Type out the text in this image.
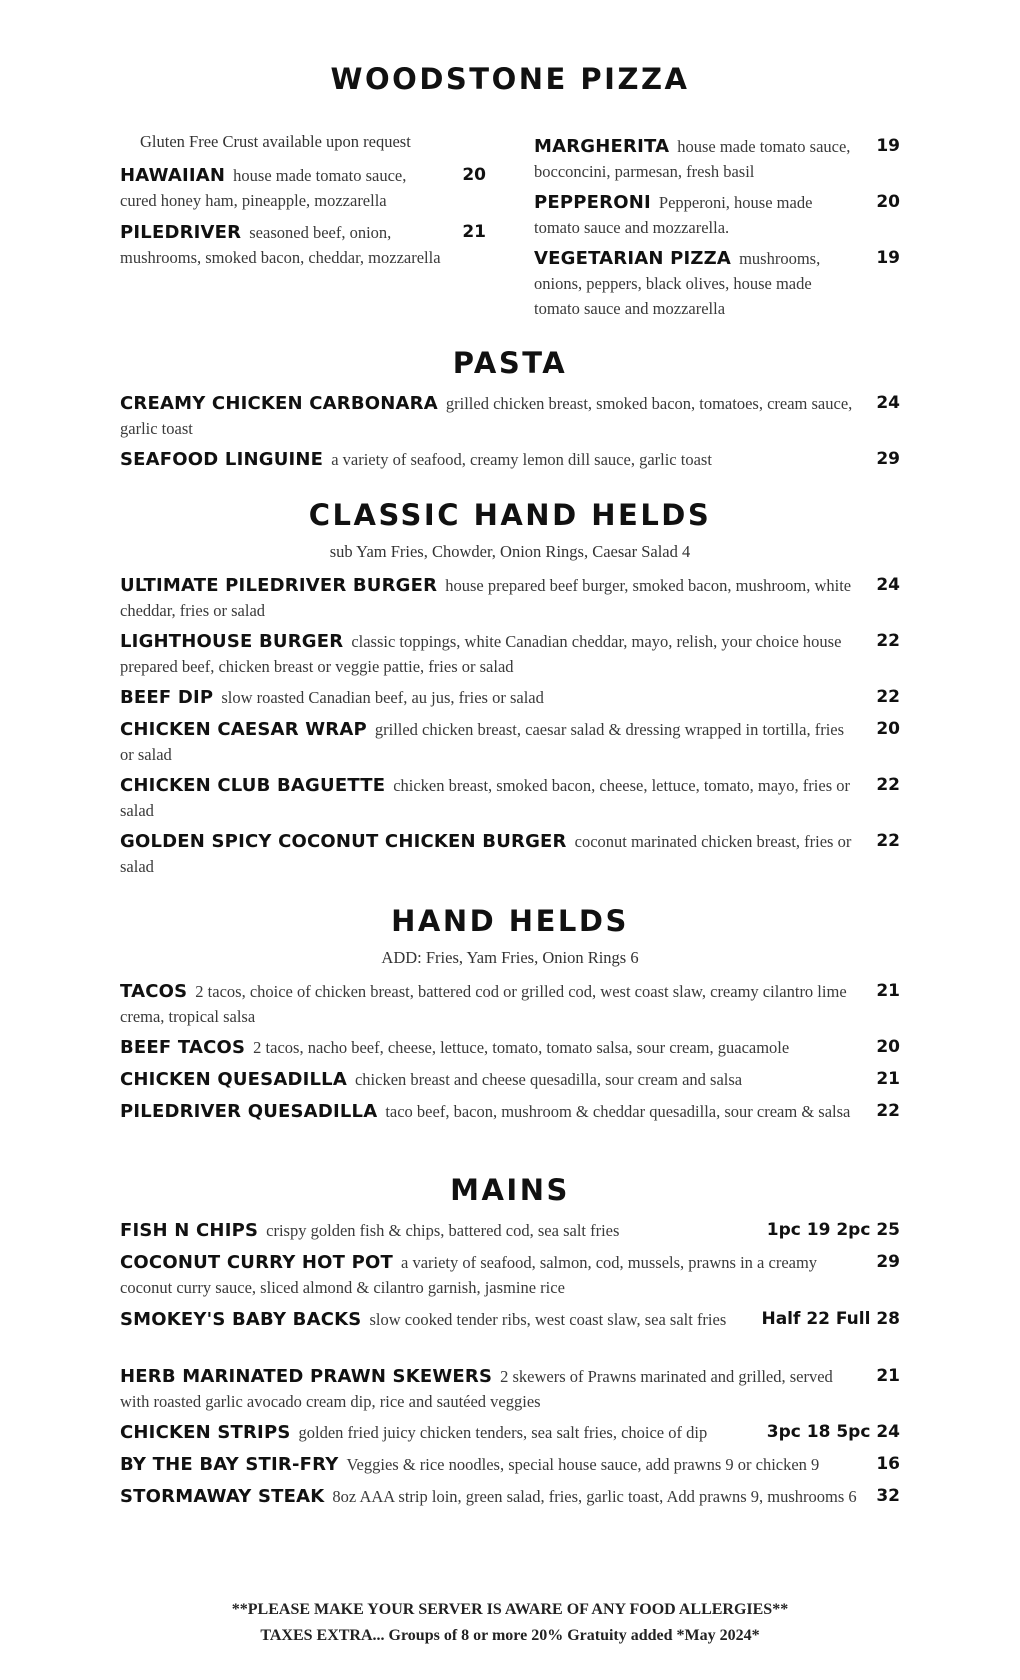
WOODSTONE PIZZA
Gluten Free Crust available upon request
HAWAIIAN house made tomato sauce, cured honey ham, pineapple, mozzarella
20
PILEDRIVER seasoned beef, onion, mushrooms, smoked bacon, cheddar, mozzarella
21
MARGHERITA house made tomato sauce, bocconcini, parmesan, fresh basil
19
PEPPERONI Pepperoni, house made tomato sauce and mozzarella.
20
VEGETARIAN PIZZA mushrooms, onions, peppers, black olives, house made tomato sauce and mozzarella
19
PASTA
CREAMY CHICKEN CARBONARA grilled chicken breast, smoked bacon, tomatoes, cream sauce, garlic toast
24
SEAFOOD LINGUINE a variety of seafood, creamy lemon dill sauce, garlic toast	29
CLASSIC HAND HELDS
sub Yam Fries, Chowder, Onion Rings, Caesar Salad 4
ULTIMATE PILEDRIVER BURGER house prepared beef burger, smoked bacon, mushroom, white cheddar, fries or salad
24
LIGHTHOUSE BURGER classic toppings, white Canadian cheddar, mayo, relish, your choice house prepared beef, chicken breast or veggie pattie, fries or salad
22
BEEF DIP slow roasted Canadian beef, au jus, fries or salad	22
CHICKEN CAESAR WRAP grilled chicken breast, caesar salad & dressing wrapped in tortilla, fries or salad
20
CHICKEN CLUB BAGUETTE chicken breast, smoked bacon, cheese, lettuce, tomato, mayo, fries or salad
22
GOLDEN SPICY COCONUT CHICKEN BURGER coconut marinated chicken breast, fries or salad
22
HAND HELDS
ADD: Fries, Yam Fries, Onion Rings 6
TACOS 2 tacos, choice of chicken breast, battered cod or grilled cod, west coast slaw, creamy cilantro lime crema, tropical salsa
21
BEEF TACOS 2 tacos, nacho beef, cheese, lettuce, tomato, tomato salsa, sour cream, guacamole	20
CHICKEN QUESADILLA chicken breast and cheese quesadilla, sour cream and salsa	21
PILEDRIVER QUESADILLA taco beef, bacon, mushroom & cheddar quesadilla, sour cream & salsa 22
MAINS
FISH N CHIPS crispy golden fish & chips, battered cod, sea salt fries	1pc 19 2pc 25
COCONUT CURRY HOT POT a variety of seafood, salmon, cod, mussels, prawns in a creamy coconut curry sauce, sliced almond & cilantro garnish, jasmine rice
29
SMOKEY'S BABY BACKS slow cooked tender ribs, west coast slaw, sea salt fries Half 22 Full 28
HERB MARINATED PRAWN SKEWERS 2 skewers of Prawns marinated and grilled, served with roasted garlic avocado cream dip, rice and sautéed veggies
21
CHICKEN STRIPS golden fried juicy chicken tenders, sea salt fries, choice of dip	3pc 18 5pc 24
BY THE BAY STIR-FRY Veggies & rice noodles, special house sauce, add prawns 9 or chicken 9	16
STORMAWAY STEAK 8oz AAA strip loin, green salad, fries, garlic toast, Add prawns 9, mushrooms 6 32
**PLEASE MAKE YOUR SERVER IS AWARE OF ANY FOOD ALLERGIES**
TAXES EXTRA... Groups of 8 or more 20% Gratuity added *May 2024*
